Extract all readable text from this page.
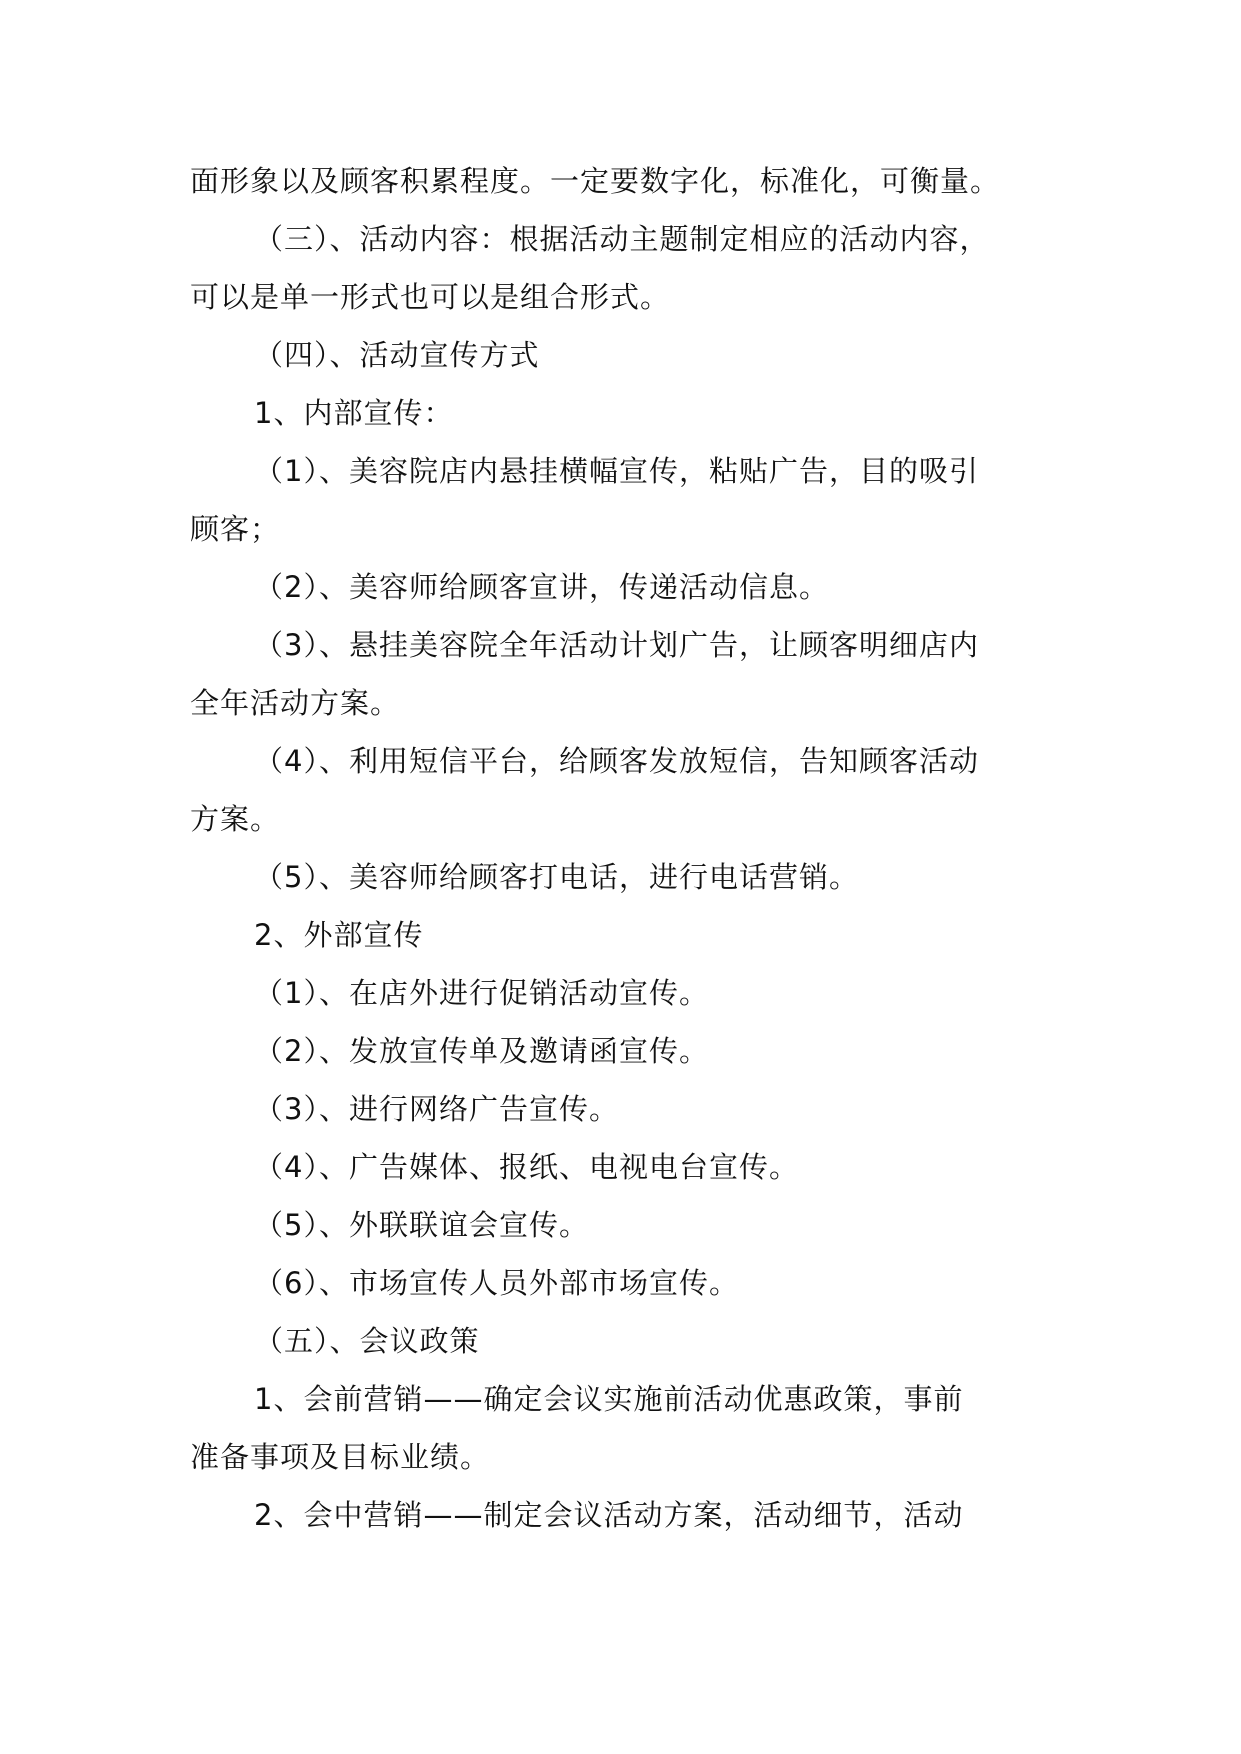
面形象以及顾客积累程度。一定要数字化，标准化，可衡量。
（三）、活动内容：根据活动主题制定相应的活动内容，
可以是单一形式也可以是组合形式。
（四）、活动宣传方式
1、内部宣传：
（1）、美容院店内悬挂横幅宣传，粘贴广告，目的吸引
顾客；
（2）、美容师给顾客宣讲，传递活动信息。
（3）、悬挂美容院全年活动计划广告，让顾客明细店内
全年活动方案。
（4）、利用短信平台，给顾客发放短信，告知顾客活动
方案。
（5）、美容师给顾客打电话，进行电话营销。
2、外部宣传
（1）、在店外进行促销活动宣传。
（2）、发放宣传单及邀请函宣传。
（3）、进行网络广告宣传。
（4）、广告媒体、报纸、电视电台宣传。
（5）、外联联谊会宣传。
（6）、市场宣传人员外部市场宣传。
（五）、会议政策
1、会前营销——确定会议实施前活动优惠政策，事前
准备事项及目标业绩。
2、会中营销——制定会议活动方案，活动细节，活动
